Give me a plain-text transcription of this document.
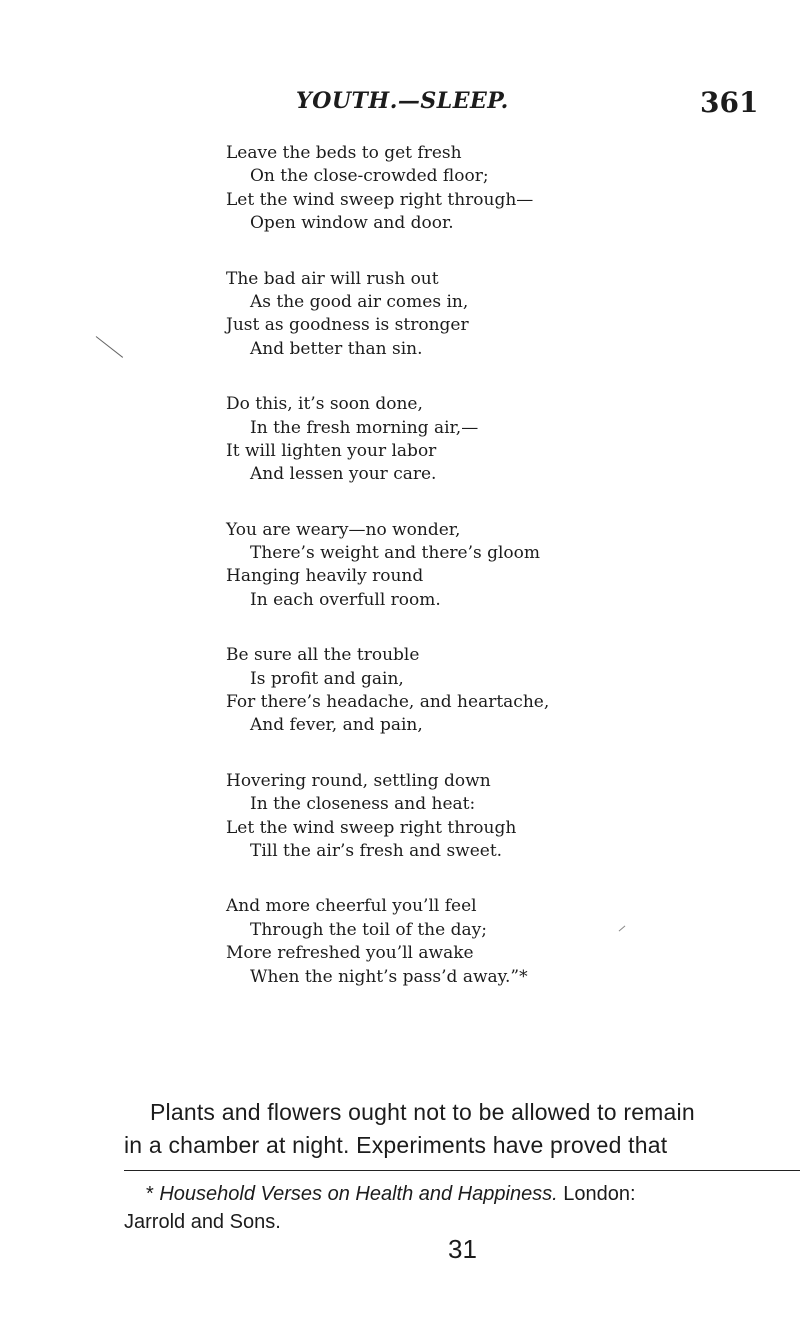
YOUTH.—SLEEP.	361
Leave the beds to get fresh
On the close-crowded floor;
Let the wind sweep right through—
Open window and door.
The bad air will rush out
As the good air comes in,
Just as goodness is stronger
And better than sin.
Do this, it’s soon done,
In the fresh morning air,—
It will lighten your labor
And lessen your care.
You are weary—no wonder,
There’s weight and there’s gloom
Hanging heavily round
In each overfull room.
Be sure all the trouble
Is profit and gain,
For there’s headache, and heartache,
And fever, and pain,
Hovering round, settling down
In the closeness and heat:
Let the wind sweep right through
Till the air’s fresh and sweet.
And more cheerful you’ll feel
Through the toil of the day;
More refreshed you’ll awake
When the night’s pass’d away.”*
Plants and flowers ought not to be allowed to remain
in a chamber at night. Experiments have proved that
* Household Verses on Health and Happiness. London:
Jarrold and Sons.
31
